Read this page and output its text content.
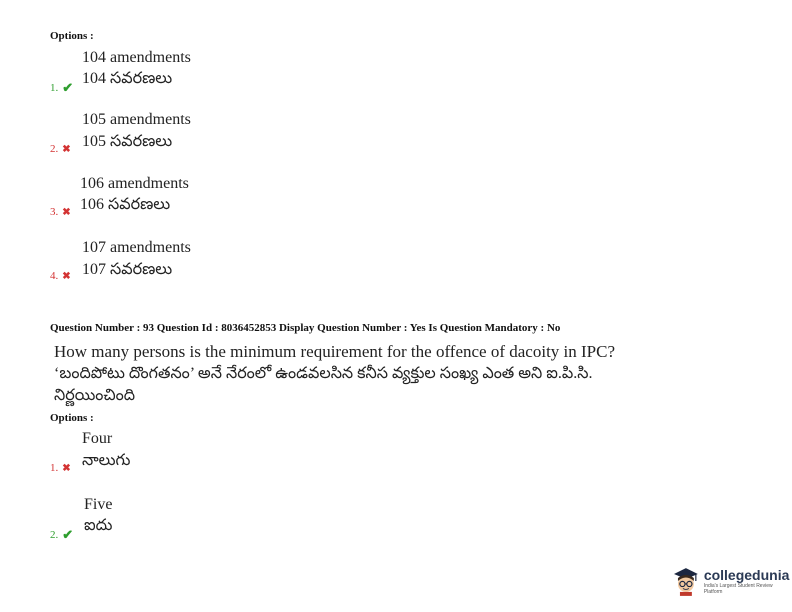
Options :
104 amendments
104 సవరణలు
1. ✔
105 amendments
105 సవరణలు
2. ✖
106 amendments
106 సవరణలు
3. ✖
107 amendments
107 సవరణలు
4. ✖
Question Number : 93 Question Id : 8036452853 Display Question Number : Yes Is Question Mandatory : No
How many persons is the minimum requirement for the offence of dacoity in IPC?
‘బందిపోటు దొంగతనం’ అనే నేరంలో ఉండవలసిన కనీస వ్యక్తుల సంఖ్య ఎంత అని ఐ.పి.సి.
నిర్ణయించింది
Options :
Four
నాలుగు
1. ✖
Five
ఐదు
2. ✔
collegedunia
India's Largest Student Review Platform
